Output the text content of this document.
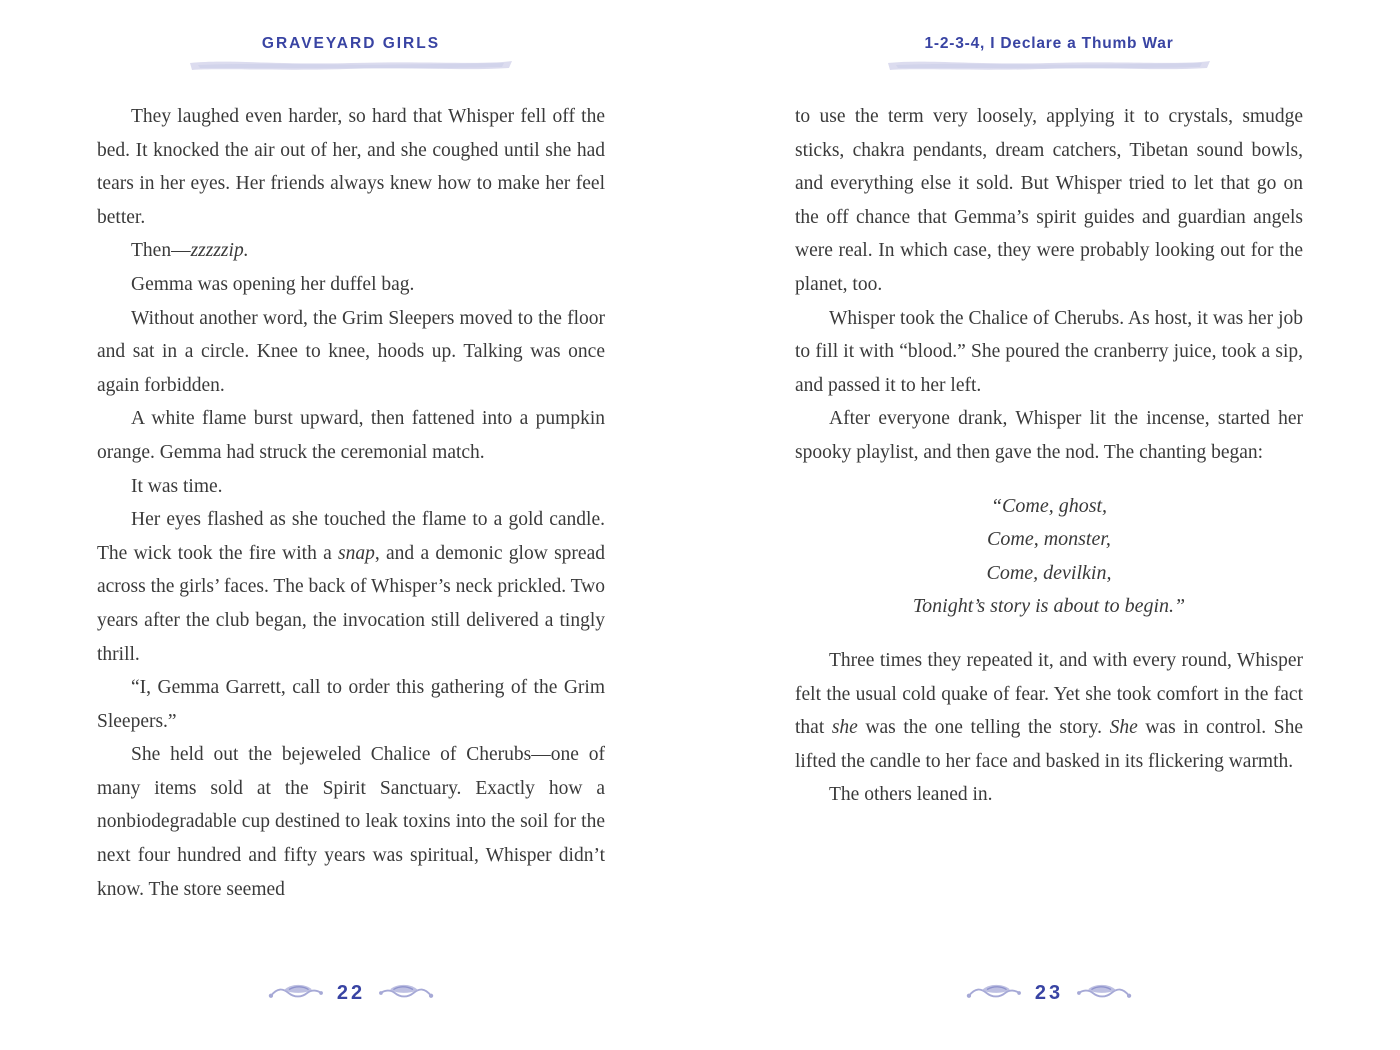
GRAVEYARD GIRLS

They laughed even harder, so hard that Whisper fell off the bed. It knocked the air out of her, and she coughed until she had tears in her eyes. Her friends always knew how to make her feel better.

Then—zzzzzip.

Gemma was opening her duffel bag.

Without another word, the Grim Sleepers moved to the floor and sat in a circle. Knee to knee, hoods up. Talking was once again forbidden.

A white flame burst upward, then fattened into a pumpkin orange. Gemma had struck the ceremonial match.

It was time.

Her eyes flashed as she touched the flame to a gold candle. The wick took the fire with a snap, and a demonic glow spread across the girls’ faces. The back of Whisper’s neck prickled. Two years after the club began, the invocation still delivered a tingly thrill.

“I, Gemma Garrett, call to order this gathering of the Grim Sleepers.”

She held out the bejeweled Chalice of Cherubs—one of many items sold at the Spirit Sanctuary. Exactly how a nonbiodegradable cup destined to leak toxins into the soil for the next four hundred and fifty years was spiritual, Whisper didn’t know. The store seemed

22
1-2-3-4, I Declare a Thumb War

to use the term very loosely, applying it to crystals, smudge sticks, chakra pendants, dream catchers, Tibetan sound bowls, and everything else it sold. But Whisper tried to let that go on the off chance that Gemma’s spirit guides and guardian angels were real. In which case, they were probably looking out for the planet, too.

Whisper took the Chalice of Cherubs. As host, it was her job to fill it with “blood.” She poured the cranberry juice, took a sip, and passed it to her left.

After everyone drank, Whisper lit the incense, started her spooky playlist, and then gave the nod. The chanting began:

“Come, ghost,
Come, monster,
Come, devilkin,
Tonight’s story is about to begin.”

Three times they repeated it, and with every round, Whisper felt the usual cold quake of fear. Yet she took comfort in the fact that she was the one telling the story. She was in control. She lifted the candle to her face and basked in its flickering warmth.

The others leaned in.

23
